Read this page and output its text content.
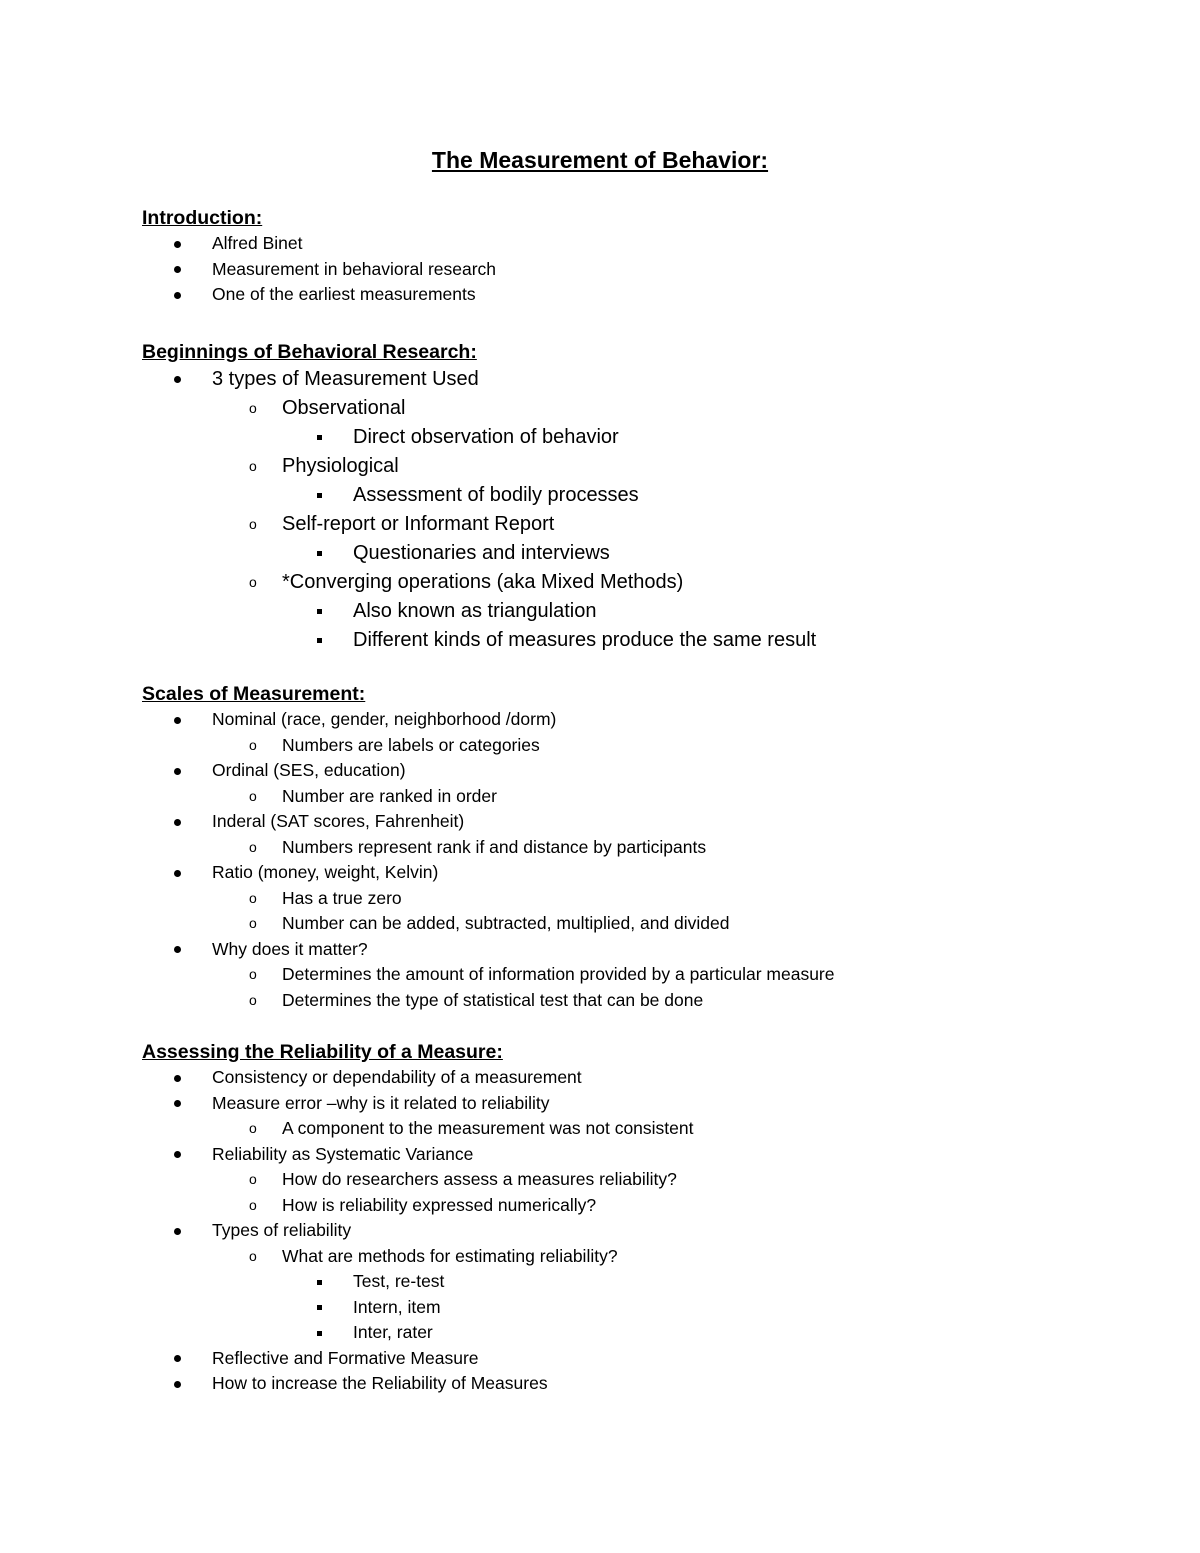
The Measurement of Behavior:
Introduction:
Alfred Binet
Measurement in behavioral research
One of the earliest measurements
Beginnings of Behavioral Research:
3 types of Measurement Used
o Observational
Direct observation of behavior
o Physiological
Assessment of bodily processes
o Self-report or Informant Report
Questionaries and interviews
o *Converging operations (aka Mixed Methods)
Also known as triangulation
Different kinds of measures produce the same result
Scales of Measurement:
Nominal (race, gender, neighborhood /dorm)
o Numbers are labels or categories
Ordinal (SES, education)
o Number are ranked in order
Inderal (SAT scores, Fahrenheit)
o Numbers represent rank if and distance by participants
Ratio (money, weight, Kelvin)
o Has a true zero
o Number can be added, subtracted, multiplied, and divided
Why does it matter?
o Determines the amount of information provided by a particular measure
o Determines the type of statistical test that can be done
Assessing the Reliability of a Measure:
Consistency or dependability of a measurement
Measure error –why is it related to reliability
o A component to the measurement was not consistent
Reliability as Systematic Variance
o How do researchers assess a measures reliability?
o How is reliability expressed numerically?
Types of reliability
o What are methods for estimating reliability?
Test, re-test
Intern, item
Inter, rater
Reflective and Formative Measure
How to increase the Reliability of Measures
